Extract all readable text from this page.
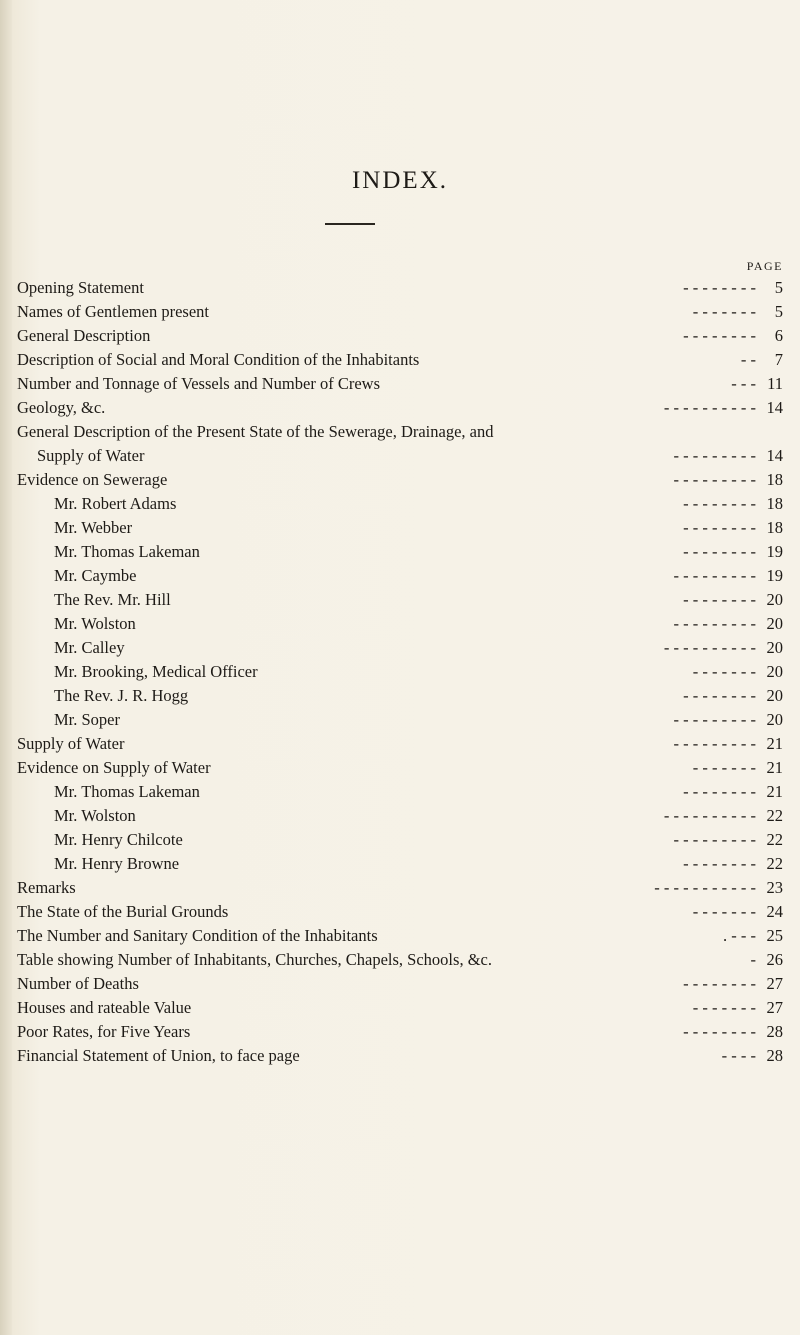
INDEX.
PAGE
Opening Statement	- - - - - - - -	5
Names of Gentlemen present	- - - - - - -	5
General Description	- - - - - - - -	6
Description of Social and Moral Condition of the Inhabitants	- -	7
Number and Tonnage of Vessels and Number of Crews	- - - 11
Geology, &c.	- - - - - - - - - - 14
General Description of the Present State of the Sewerage, Drainage, and
Supply of Water	- - - - - - - - - 14
Evidence on Sewerage	- - - - - - - - - 18
Mr. Robert Adams	- - - - - - - - 18
Mr. Webber	- - - - - - - - 18
Mr. Thomas Lakeman	- - - - - - - - 19
Mr. Caymbe	- - - - - - - - - 19
The Rev. Mr. Hill	- - - - - - - - 20
Mr. Wolston	- - - - - - - - - 20
Mr. Calley	- - - - - - - - - - 20
Mr. Brooking, Medical Officer	- - - - - - - 20
The Rev. J. R. Hogg	- - - - - - - - 20
Mr. Soper	- - - - - - - - - 20
Supply of Water	- - - - - - - - - 21
Evidence on Supply of Water	- - - - - - - 21
Mr. Thomas Lakeman	- - - - - - - - 21
Mr. Wolston	- - - - - - - - - - 22
Mr. Henry Chilcote	- - - - - - - - - 22
Mr. Henry Browne	- - - - - - - - 22
Remarks	- - - - - - - - - - - 23
The State of the Burial Grounds	- - - - - - - 24
The Number and Sanitary Condition of the Inhabitants	. - - - 25
Table showing Number of Inhabitants, Churches, Chapels, Schools, &c.	- 26
Number of Deaths	- - - - - - - - 27
Houses and rateable Value	- - - - - - - 27
Poor Rates, for Five Years	- - - - - - - - 28
Financial Statement of Union, to face page	- - - - 28
